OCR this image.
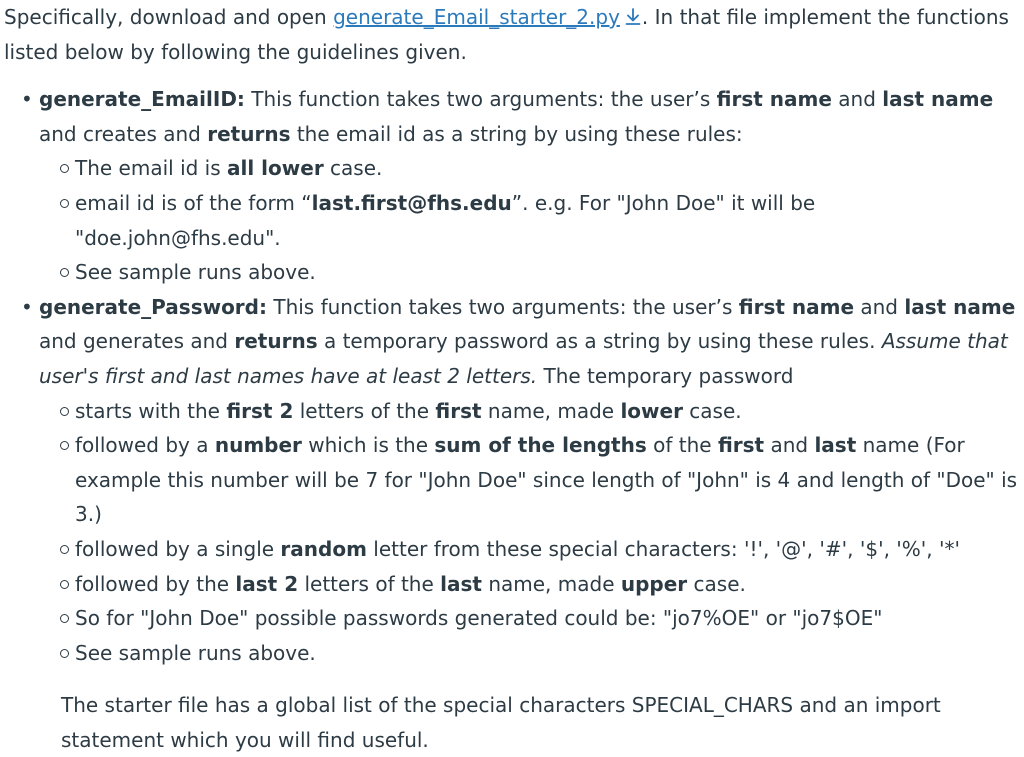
Specifically, download and open generate_Email_starter_2.py . In that file implement the functions listed below by following the guidelines given.

• generate_EmailID: This function takes two arguments: the user’s first name and last name and creates and returns the email id as a string by using these rules:
The email id is all lower case.
email id is of the form “last.first@fhs.edu”. e.g. For "John Doe" it will be "doe.john@fhs.edu".
See sample runs above.
• generate_Password: This function takes two arguments: the user’s first name and last name and generates and returns a temporary password as a string by using these rules. Assume that user's first and last names have at least 2 letters. The temporary password
starts with the first 2 letters of the first name, made lower case.
followed by a number which is the sum of the lengths of the first and last name (For example this number will be 7 for "John Doe" since length of "John" is 4 and length of "Doe" is 3.)
followed by a single random letter from these special characters: '!', '@', '#', '$', '%', '*'
followed by the last 2 letters of the last name, made upper case.
So for "John Doe" possible passwords generated could be: "jo7%OE" or "jo7$OE"
See sample runs above.

The starter file has a global list of the special characters SPECIAL_CHARS and an import statement which you will find useful.
